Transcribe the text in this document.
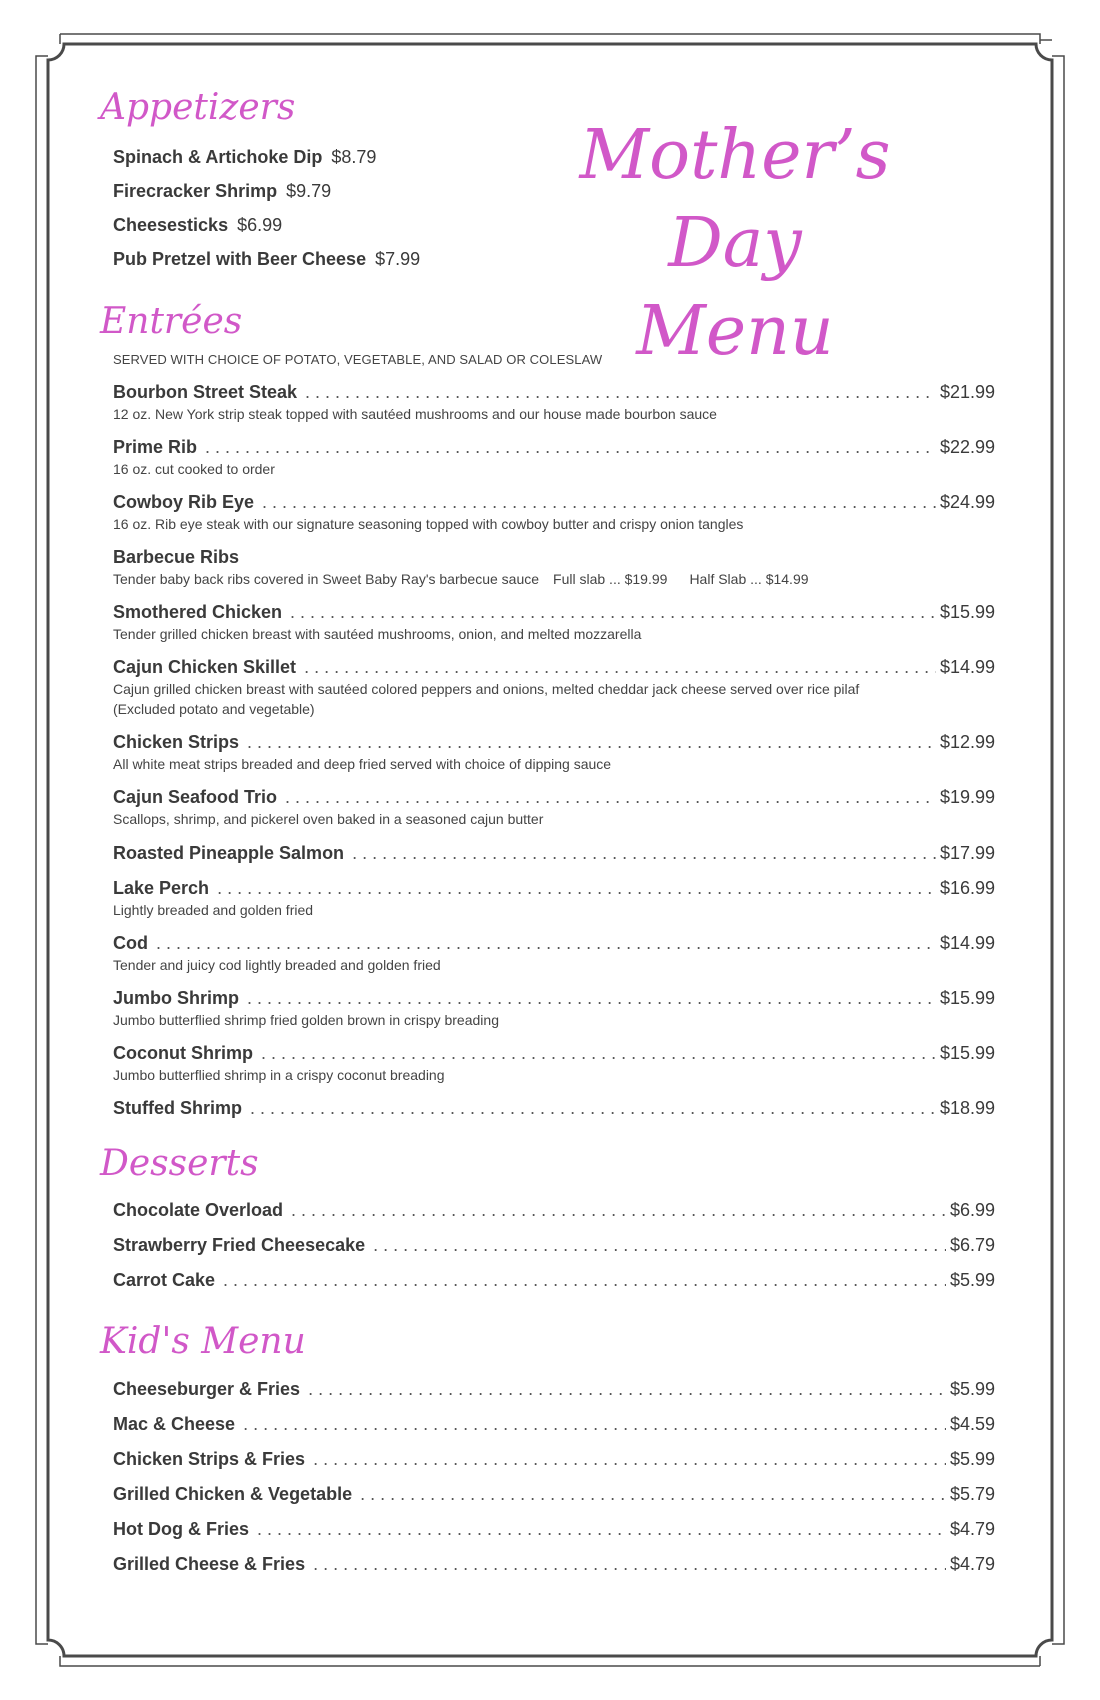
Mother’s Day
Menu
Appetizers
Spinach & Artichoke Dip $8.79
Firecracker Shrimp $9.79
Cheesesticks $6.99
Pub Pretzel with Beer Cheese $7.99
Entrées
SERVED WITH CHOICE OF POTATO, VEGETABLE, AND SALAD OR COLESLAW
Bourbon Street Steak . . .	$21.99
12 oz. New York strip steak topped with sautéed mushrooms and our house made bourbon sauce
Prime Rib . . .	$22.99
16 oz. cut cooked to order
Cowboy Rib Eye . . .	$24.99
16 oz. Rib eye steak with our signature seasoning topped with cowboy butter and crispy onion tangles
Barbecue Ribs
Tender baby back ribs covered in Sweet Baby Ray's barbecue sauce Full slab ... $19.99 Half Slab ... $14.99
Smothered Chicken . . .	$15.99
Tender grilled chicken breast with sautéed mushrooms, onion, and melted mozzarella
Cajun Chicken Skillet . . .	$14.99
Cajun grilled chicken breast with sautéed colored peppers and onions, melted cheddar jack cheese served over rice pilaf
(Excluded potato and vegetable)
Chicken Strips . . .	$12.99
All white meat strips breaded and deep fried served with choice of dipping sauce
Cajun Seafood Trio . . .	$19.99
Scallops, shrimp, and pickerel oven baked in a seasoned cajun butter
Roasted Pineapple Salmon . . .	$17.99
Lake Perch . . .	$16.99
Lightly breaded and golden fried
Cod . . .	$14.99
Tender and juicy cod lightly breaded and golden fried
Jumbo Shrimp . . .	$15.99
Jumbo butterflied shrimp fried golden brown in crispy breading
Coconut Shrimp . . .	$15.99
Jumbo butterflied shrimp in a crispy coconut breading
Stuffed Shrimp . . .	$18.99
Desserts
Chocolate Overload . . .	$6.99
Strawberry Fried Cheesecake . . .	$6.79
Carrot Cake . . .	$5.99
Kid's Menu
Cheeseburger & Fries . . .	$5.99
Mac & Cheese . . .	$4.59
Chicken Strips & Fries . . .	$5.99
Grilled Chicken & Vegetable . . .	$5.79
Hot Dog & Fries . . .	$4.79
Grilled Cheese & Fries . . .	$4.79
